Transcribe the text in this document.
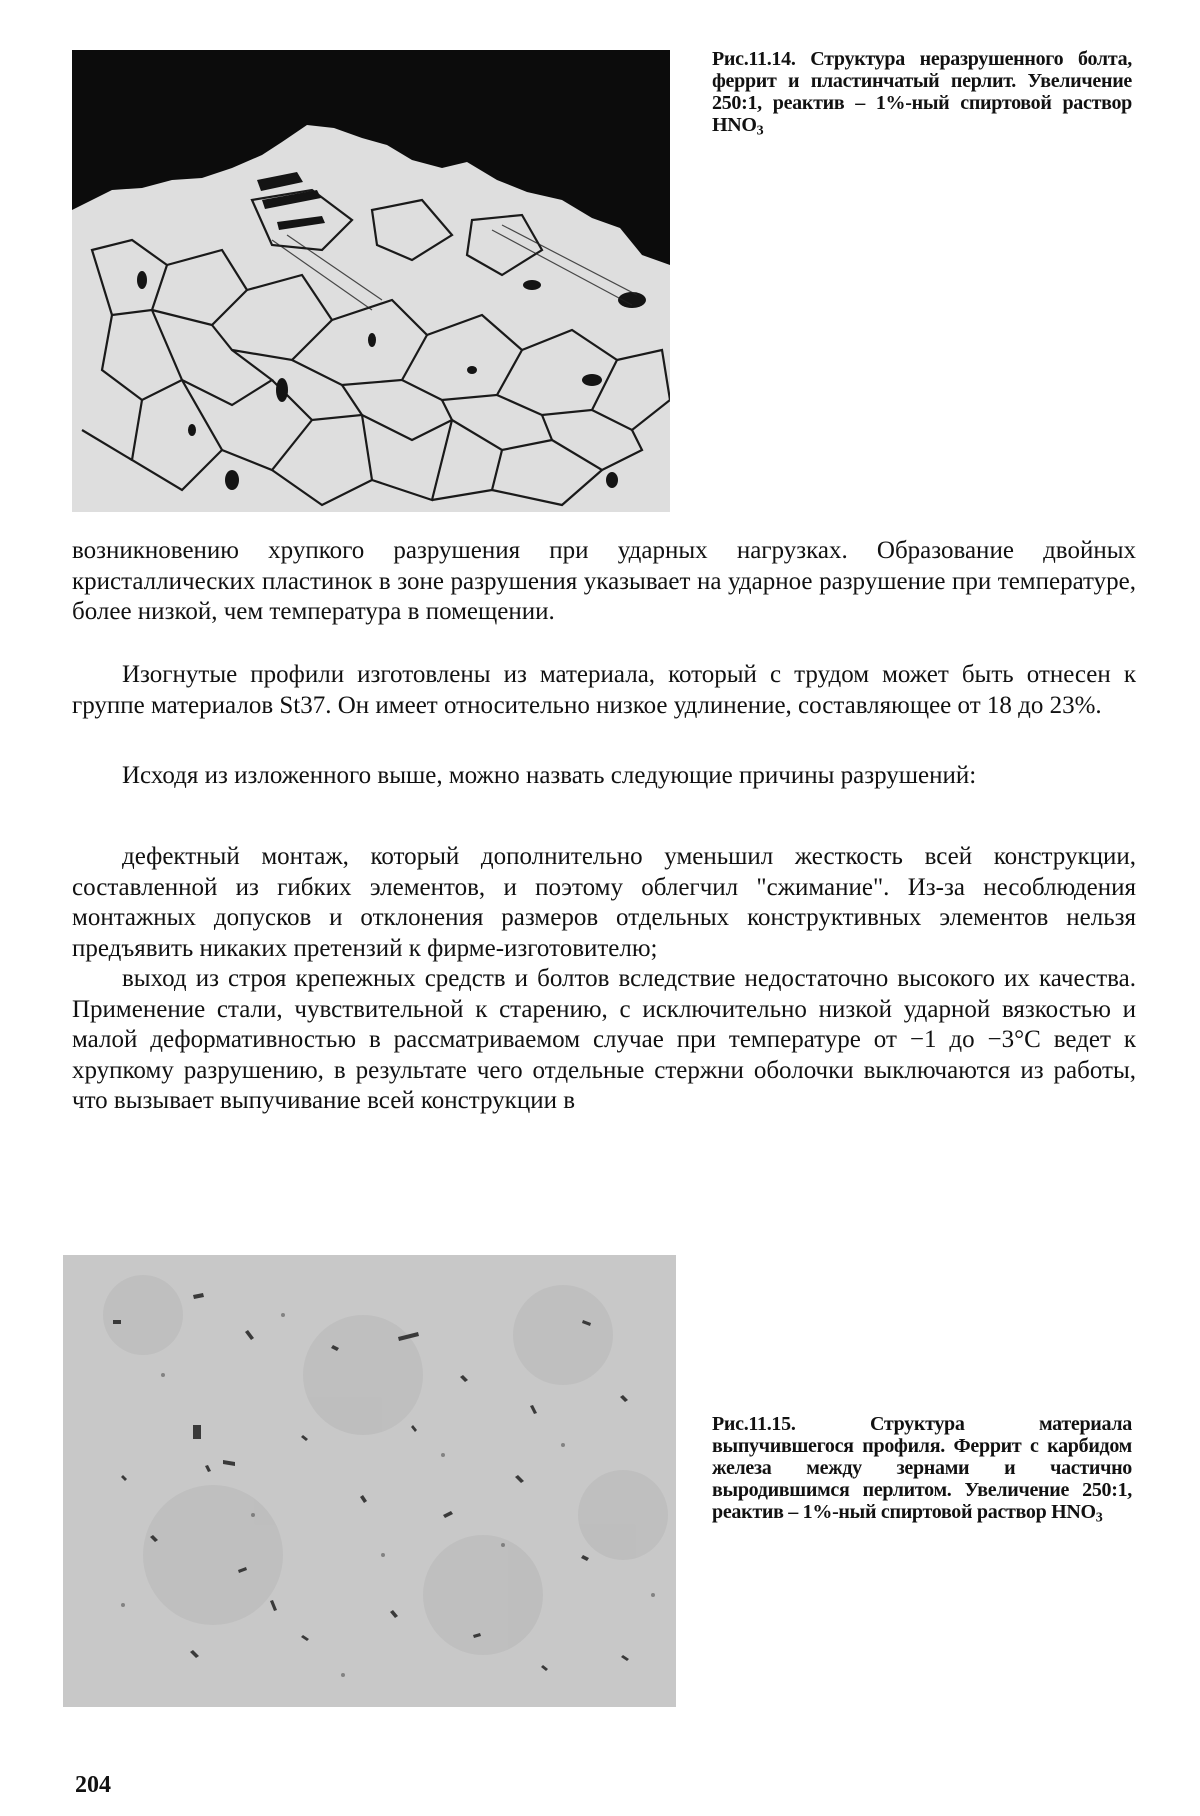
Рис.11.14. Структура неразрушенного болта, феррит и пластинчатый перлит. Увеличение 250:1, реактив – 1%-ный спиртовой раствор $HNO_3$

возникновению хрупкого разрушения при ударных нагрузках. Образование двойных кристаллических пластинок в зоне разрушения указывает на ударное разрушение при температуре, более низкой, чем температура в помещении.

Изогнутые профили изготовлены из материала, который с трудом может быть отнесен к группе материалов St37. Он имеет относительно низкое удлинение, составляющее от 18 до 23%.

Исходя из изложенного выше, можно назвать следующие причины разрушений:

дефектный монтаж, который дополнительно уменьшил жесткость всей конструкции, составленной из гибких элементов, и поэтому облегчил "сжимание". Из-за несоблюдения монтажных допусков и отклонения размеров отдельных конструктивных элементов нельзя предъявить никаких претензий к фирме-изготовителю;

выход из строя крепежных средств и болтов вследствие недостаточно высокого их качества. Применение стали, чувствительной к старению, с исключительно низкой ударной вязкостью и малой деформативностью в рассматриваемом случае при температуре от −1 до −3°C ведет к хрупкому разрушению, в результате чего отдельные стержни оболочки выключаются из работы, что вызывает выпучивание всей конструкции в

Рис.11.15.	Структура материала выпучившегося профиля. Феррит с карбидом железа между зернами и частично выродившимся перлитом. Увеличение 250:1, реактив – 1%-ный спиртовой раствор $HNO_3$
204
